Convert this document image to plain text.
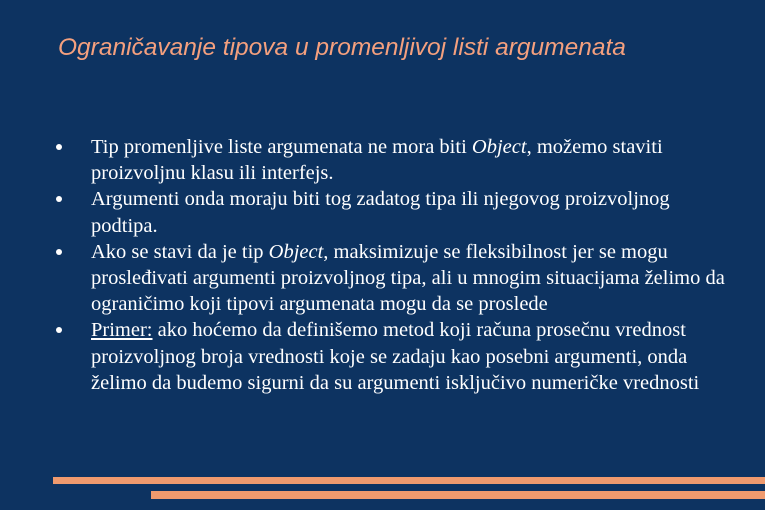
Ograničavanje tipova u promenljivoj listi argumenata
Tip promenljive liste argumenata ne mora biti Object, možemo staviti proizvoljnu klasu ili interfejs.
Argumenti onda moraju biti tog zadatog tipa ili njegovog proizvoljnog podtipa.
Ako se stavi da je tip Object, maksimizuje se fleksibilnost jer se mogu prosleđivati argumenti proizvoljnog tipa, ali u mnogim situacijama želimo da ograničimo koji tipovi argumenata mogu da se proslede
Primer: ako hoćemo da definišemo metod koji računa prosečnu vrednost proizvoljnog broja vrednosti koje se zadaju kao posebni argumenti, onda želimo da budemo sigurni da su argumenti isključivo numeričke vrednosti
